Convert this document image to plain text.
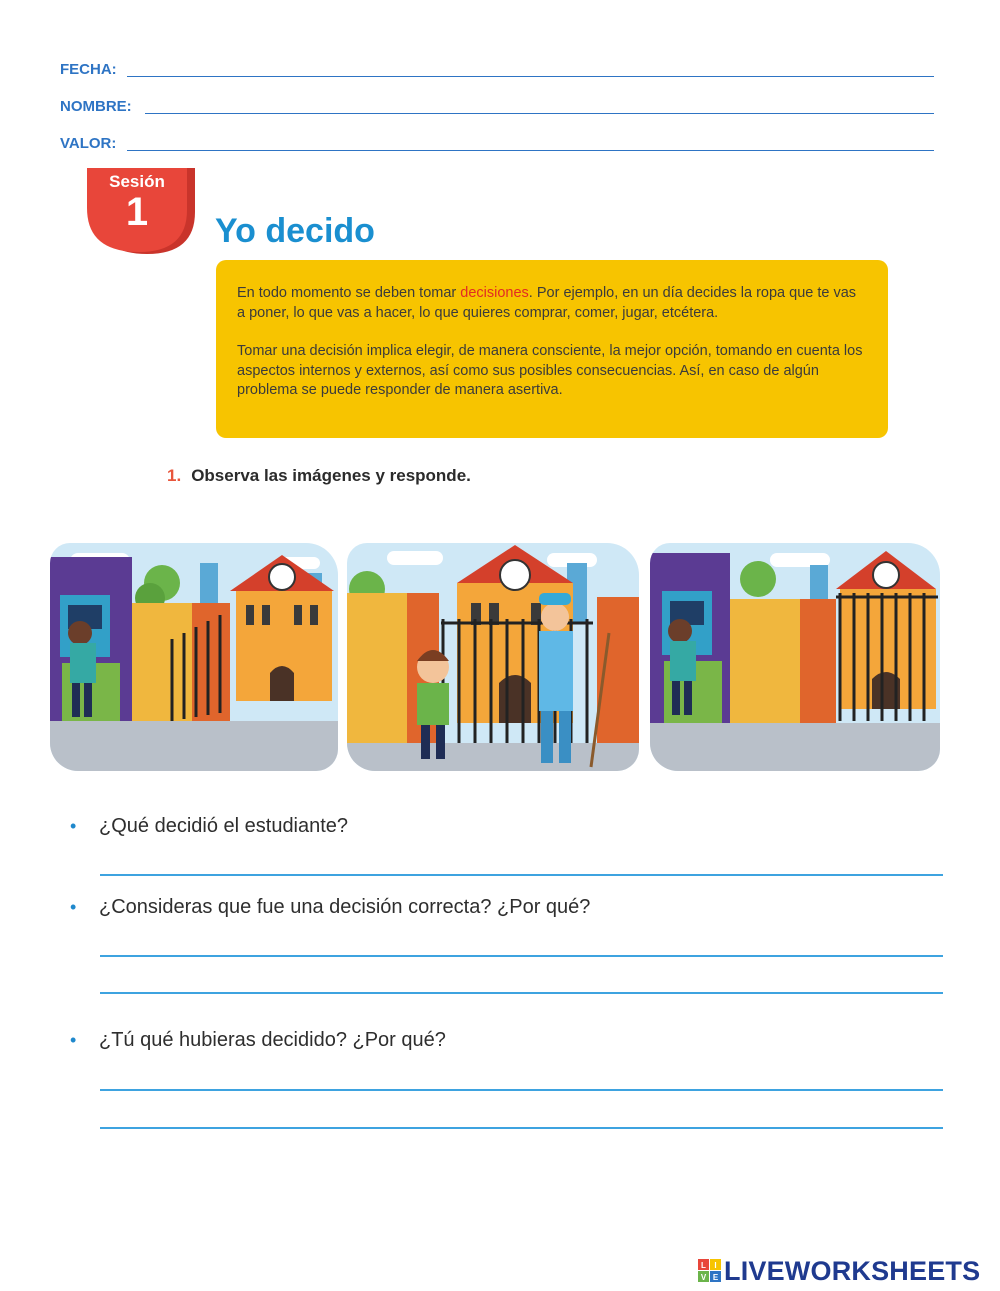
FECHA:
NOMBRE:
VALOR:
Sesión
1	Yo decido

En todo momento se deben tomar decisiones. Por ejemplo, en un día decides la ropa que te vas a poner, lo que vas a hacer, lo que quieres comprar, comer, jugar, etcétera.

Tomar una decisión implica elegir, de manera consciente, la mejor opción, tomando en cuenta los aspectos internos y externos, así como sus posibles consecuencias. Así, en caso de algún problema se puede responder de manera asertiva.

1. Observa las imágenes y responde.
• ¿Qué decidió el estudiante?
• ¿Consideras que fue una decisión correcta? ¿Por qué?
• ¿Tú qué hubieras decidido? ¿Por qué?
L I
V E LIVEWORKSHEETS
